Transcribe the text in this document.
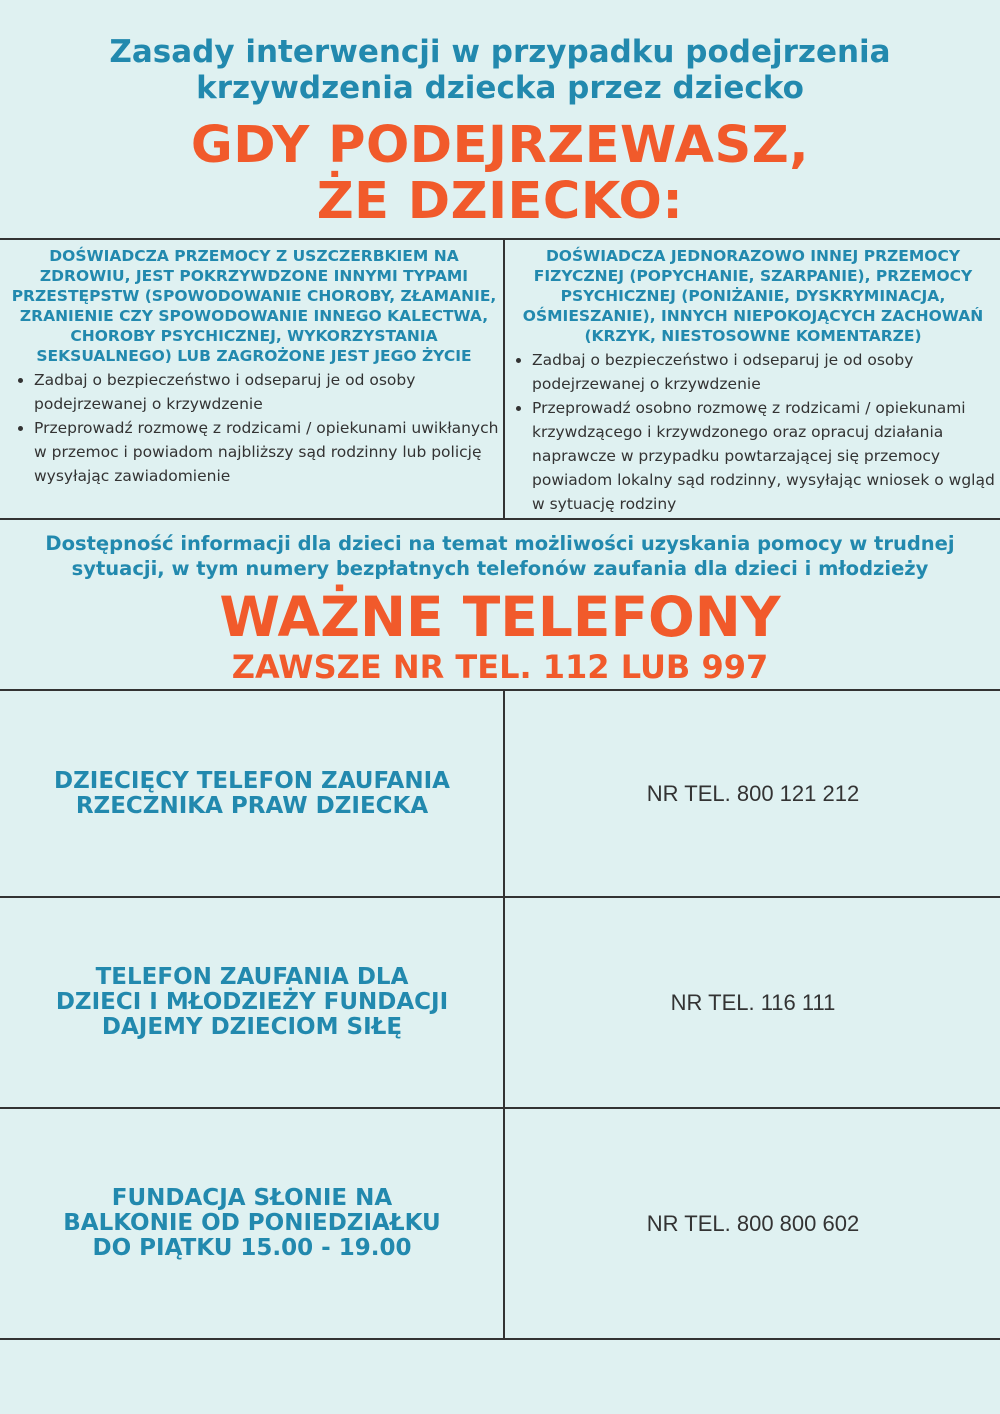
Zasady interwencji w przypadku podejrzenia
krzywdzenia dziecka przez dziecko
GDY PODEJRZEWASZ,
ŻE DZIECKO:
DOŚWIADCZA PRZEMOCY Z USZCZERBKIEM NA ZDROWIU, JEST POKRZYWDZONE INNYMI TYPAMI PRZESTĘPSTW (SPOWODOWANIE CHOROBY, ZŁAMANIE, ZRANIENIE CZY SPOWODOWANIE INNEGO KALECTWA, CHOROBY PSYCHICZNEJ, WYKORZYSTANIA SEKSUALNEGO) LUB ZAGROŻONE JEST JEGO ŻYCIE
• Zadbaj o bezpieczeństwo i odseparuj je od osoby podejrzewanej o krzywdzenie
• Przeprowadź rozmowę z rodzicami / opiekunami uwikłanych w przemoc i powiadom najbliższy sąd rodzinny lub policję wysyłając zawiadomienie
DOŚWIADCZA JEDNORAZOWO INNEJ PRZEMOCY FIZYCZNEJ (POPYCHANIE, SZARPANIE), PRZEMOCY PSYCHICZNEJ (PONIŻANIE, DYSKRYMINACJA, OŚMIESZANIE), INNYCH NIEPOKOJĄCYCH ZACHOWAŃ (KRZYK, NIESTOSOWNE KOMENTARZE)
• Zadbaj o bezpieczeństwo i odseparuj je od osoby podejrzewanej o krzywdzenie
• Przeprowadź osobno rozmowę z rodzicami / opiekunami krzywdzącego i krzywdzonego oraz opracuj działania naprawcze w przypadku powtarzającej się przemocy powiadom lokalny sąd rodzinny, wysyłając wniosek o wgląd w sytuację rodziny
Dostępność informacji dla dzieci na temat możliwości uzyskania pomocy w trudnej
sytuacji, w tym numery bezpłatnych telefonów zaufania dla dzieci i młodzieży
WAŻNE TELEFONY
ZAWSZE NR TEL. 112 LUB 997
DZIECIĘCY TELEFON ZAUFANIA
RZECZNIKA PRAW DZIECKA	NR TEL. 800 121 212
TELEFON ZAUFANIA DLA
DZIECI I MŁODZIEŻY FUNDACJI
DAJEMY DZIECIOM SIŁĘ
NR TEL. 116 111
FUNDACJA SŁONIE NA
BALKONIE OD PONIEDZIAŁKU
DO PIĄTKU 15.00 - 19.00
NR TEL. 800 800 602
